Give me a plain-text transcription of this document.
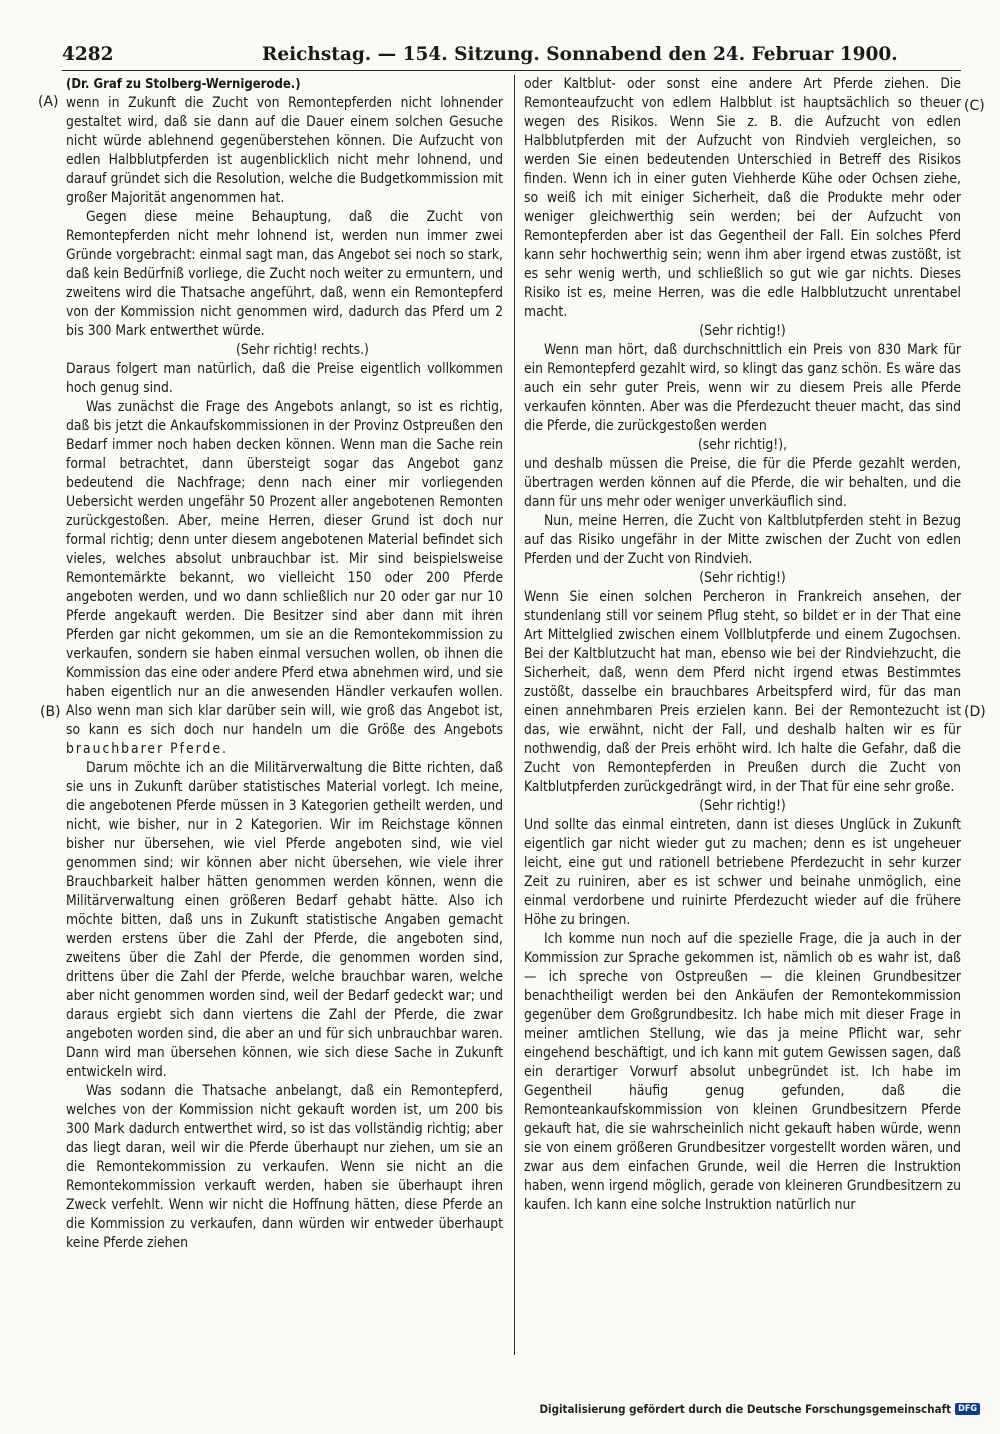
4282	Reichstag. — 154. Sitzung. Sonnabend den 24. Februar 1900.
(A)
(B)
(C)
(D)

(Dr. Graf zu Stolberg-Wernigerode.)

wenn in Zukunft die Zucht von Remontepferden nicht lohnender gestaltet wird, daß sie dann auf die Dauer einem solchen Gesuche nicht würde ablehnend gegenüberstehen können. Die Aufzucht von edlen Halbblutpferden ist augenblicklich nicht mehr lohnend, und darauf gründet sich die Resolution, welche die Budgetkommission mit großer Majorität angenommen hat.

Gegen diese meine Behauptung, daß die Zucht von Remontepferden nicht mehr lohnend ist, werden nun immer zwei Gründe vorgebracht: einmal sagt man, das Angebot sei noch so stark, daß kein Bedürfniß vorliege, die Zucht noch weiter zu ermuntern, und zweitens wird die Thatsache angeführt, daß, wenn ein Remontepferd von der Kommission nicht genommen wird, dadurch das Pferd um 2 bis 300 Mark entwerthet würde.

(Sehr richtig! rechts.)

Daraus folgert man natürlich, daß die Preise eigentlich vollkommen hoch genug sind.

Was zunächst die Frage des Angebots anlangt, so ist es richtig, daß bis jetzt die Ankaufskommissionen in der Provinz Ostpreußen den Bedarf immer noch haben decken können. Wenn man die Sache rein formal betrachtet, dann übersteigt sogar das Angebot ganz bedeutend die Nachfrage; denn nach einer mir vorliegenden Uebersicht werden ungefähr 50 Prozent aller angebotenen Remonten zurückgestoßen. Aber, meine Herren, dieser Grund ist doch nur formal richtig; denn unter diesem angebotenen Material befindet sich vieles, welches absolut unbrauchbar ist. Mir sind beispielsweise Remontemärkte bekannt, wo vielleicht 150 oder 200 Pferde angeboten werden, und wo dann schließlich nur 20 oder gar nur 10 Pferde angekauft werden. Die Besitzer sind aber dann mit ihren Pferden gar nicht gekommen, um sie an die Remontekommission zu verkaufen, sondern sie haben einmal versuchen wollen, ob ihnen die Kommission das eine oder andere Pferd etwa abnehmen wird, und sie haben eigentlich nur an die anwesenden Händler verkaufen wollen. Also wenn man sich klar darüber sein will, wie groß das Angebot ist, so kann es sich doch nur handeln um die Größe des Angebots brauchbarer Pferde.

Darum möchte ich an die Militärverwaltung die Bitte richten, daß sie uns in Zukunft darüber statistisches Material vorlegt. Ich meine, die angebotenen Pferde müssen in 3 Kategorien getheilt werden, und nicht, wie bisher, nur in 2 Kategorien. Wir im Reichstage können bisher nur übersehen, wie viel Pferde angeboten sind, wie viel genommen sind; wir können aber nicht übersehen, wie viele ihrer Brauchbarkeit halber hätten genommen werden können, wenn die Militärverwaltung einen größeren Bedarf gehabt hätte. Also ich möchte bitten, daß uns in Zukunft statistische Angaben gemacht werden erstens über die Zahl der Pferde, die angeboten sind, zweitens über die Zahl der Pferde, die genommen worden sind, drittens über die Zahl der Pferde, welche brauchbar waren, welche aber nicht genommen worden sind, weil der Bedarf gedeckt war; und daraus ergiebt sich dann viertens die Zahl der Pferde, die zwar angeboten worden sind, die aber an und für sich unbrauchbar waren. Dann wird man übersehen können, wie sich diese Sache in Zukunft entwickeln wird.

Was sodann die Thatsache anbelangt, daß ein Remontepferd, welches von der Kommission nicht gekauft worden ist, um 200 bis 300 Mark dadurch entwerthet wird, so ist das vollständig richtig; aber das liegt daran, weil wir die Pferde überhaupt nur ziehen, um sie an die Remontekommission zu verkaufen. Wenn sie nicht an die Remontekommission verkauft werden, haben sie überhaupt ihren Zweck verfehlt. Wenn wir nicht die Hoffnung hätten, diese Pferde an die Kommission zu verkaufen, dann würden wir entweder überhaupt keine Pferde ziehen

oder Kaltblut- oder sonst eine andere Art Pferde ziehen. Die Remonteaufzucht von edlem Halbblut ist hauptsächlich so theuer wegen des Risikos. Wenn Sie z. B. die Aufzucht von edlen Halbblutpferden mit der Aufzucht von Rindvieh vergleichen, so werden Sie einen bedeutenden Unterschied in Betreff des Risikos finden. Wenn ich in einer guten Viehherde Kühe oder Ochsen ziehe, so weiß ich mit einiger Sicherheit, daß die Produkte mehr oder weniger gleichwerthig sein werden; bei der Aufzucht von Remontepferden aber ist das Gegentheil der Fall. Ein solches Pferd kann sehr hochwerthig sein; wenn ihm aber irgend etwas zustößt, ist es sehr wenig werth, und schließlich so gut wie gar nichts. Dieses Risiko ist es, meine Herren, was die edle Halbblutzucht unrentabel macht.

(Sehr richtig!)

Wenn man hört, daß durchschnittlich ein Preis von 830 Mark für ein Remontepferd gezahlt wird, so klingt das ganz schön. Es wäre das auch ein sehr guter Preis, wenn wir zu diesem Preis alle Pferde verkaufen könnten. Aber was die Pferdezucht theuer macht, das sind die Pferde, die zurückgestoßen werden

(sehr richtig!),

und deshalb müssen die Preise, die für die Pferde gezahlt werden, übertragen werden können auf die Pferde, die wir behalten, und die dann für uns mehr oder weniger unverkäuflich sind.

Nun, meine Herren, die Zucht von Kaltblutpferden steht in Bezug auf das Risiko ungefähr in der Mitte zwischen der Zucht von edlen Pferden und der Zucht von Rindvieh.

(Sehr richtig!)

Wenn Sie einen solchen Percheron in Frankreich ansehen, der stundenlang still vor seinem Pflug steht, so bildet er in der That eine Art Mittelglied zwischen einem Vollblutpferde und einem Zugochsen. Bei der Kaltblutzucht hat man, ebenso wie bei der Rindviehzucht, die Sicherheit, daß, wenn dem Pferd nicht irgend etwas Bestimmtes zustößt, dasselbe ein brauchbares Arbeitspferd wird, für das man einen annehmbaren Preis erzielen kann. Bei der Remontezucht ist das, wie erwähnt, nicht der Fall, und deshalb halten wir es für nothwendig, daß der Preis erhöht wird. Ich halte die Gefahr, daß die Zucht von Remontepferden in Preußen durch die Zucht von Kaltblutpferden zurückgedrängt wird, in der That für eine sehr große.

(Sehr richtig!)

Und sollte das einmal eintreten, dann ist dieses Unglück in Zukunft eigentlich gar nicht wieder gut zu machen; denn es ist ungeheuer leicht, eine gut und rationell betriebene Pferdezucht in sehr kurzer Zeit zu ruiniren, aber es ist schwer und beinahe unmöglich, eine einmal verdorbene und ruinirte Pferdezucht wieder auf die frühere Höhe zu bringen.

Ich komme nun noch auf die spezielle Frage, die ja auch in der Kommission zur Sprache gekommen ist, nämlich ob es wahr ist, daß — ich spreche von Ostpreußen — die kleinen Grundbesitzer benachtheiligt werden bei den Ankäufen der Remontekommission gegenüber dem Großgrundbesitz. Ich habe mich mit dieser Frage in meiner amtlichen Stellung, wie das ja meine Pflicht war, sehr eingehend beschäftigt, und ich kann mit gutem Gewissen sagen, daß ein derartiger Vorwurf absolut unbegründet ist. Ich habe im Gegentheil häufig genug gefunden, daß die Remonteankaufskommission von kleinen Grundbesitzern Pferde gekauft hat, die sie wahrscheinlich nicht gekauft haben würde, wenn sie von einem größeren Grundbesitzer vorgestellt worden wären, und zwar aus dem einfachen Grunde, weil die Herren die Instruktion haben, wenn irgend möglich, gerade von kleineren Grundbesitzern zu kaufen. Ich kann eine solche Instruktion natürlich nur

Digitalisierung gefördert durch die Deutsche Forschungsgemeinschaft DFG
